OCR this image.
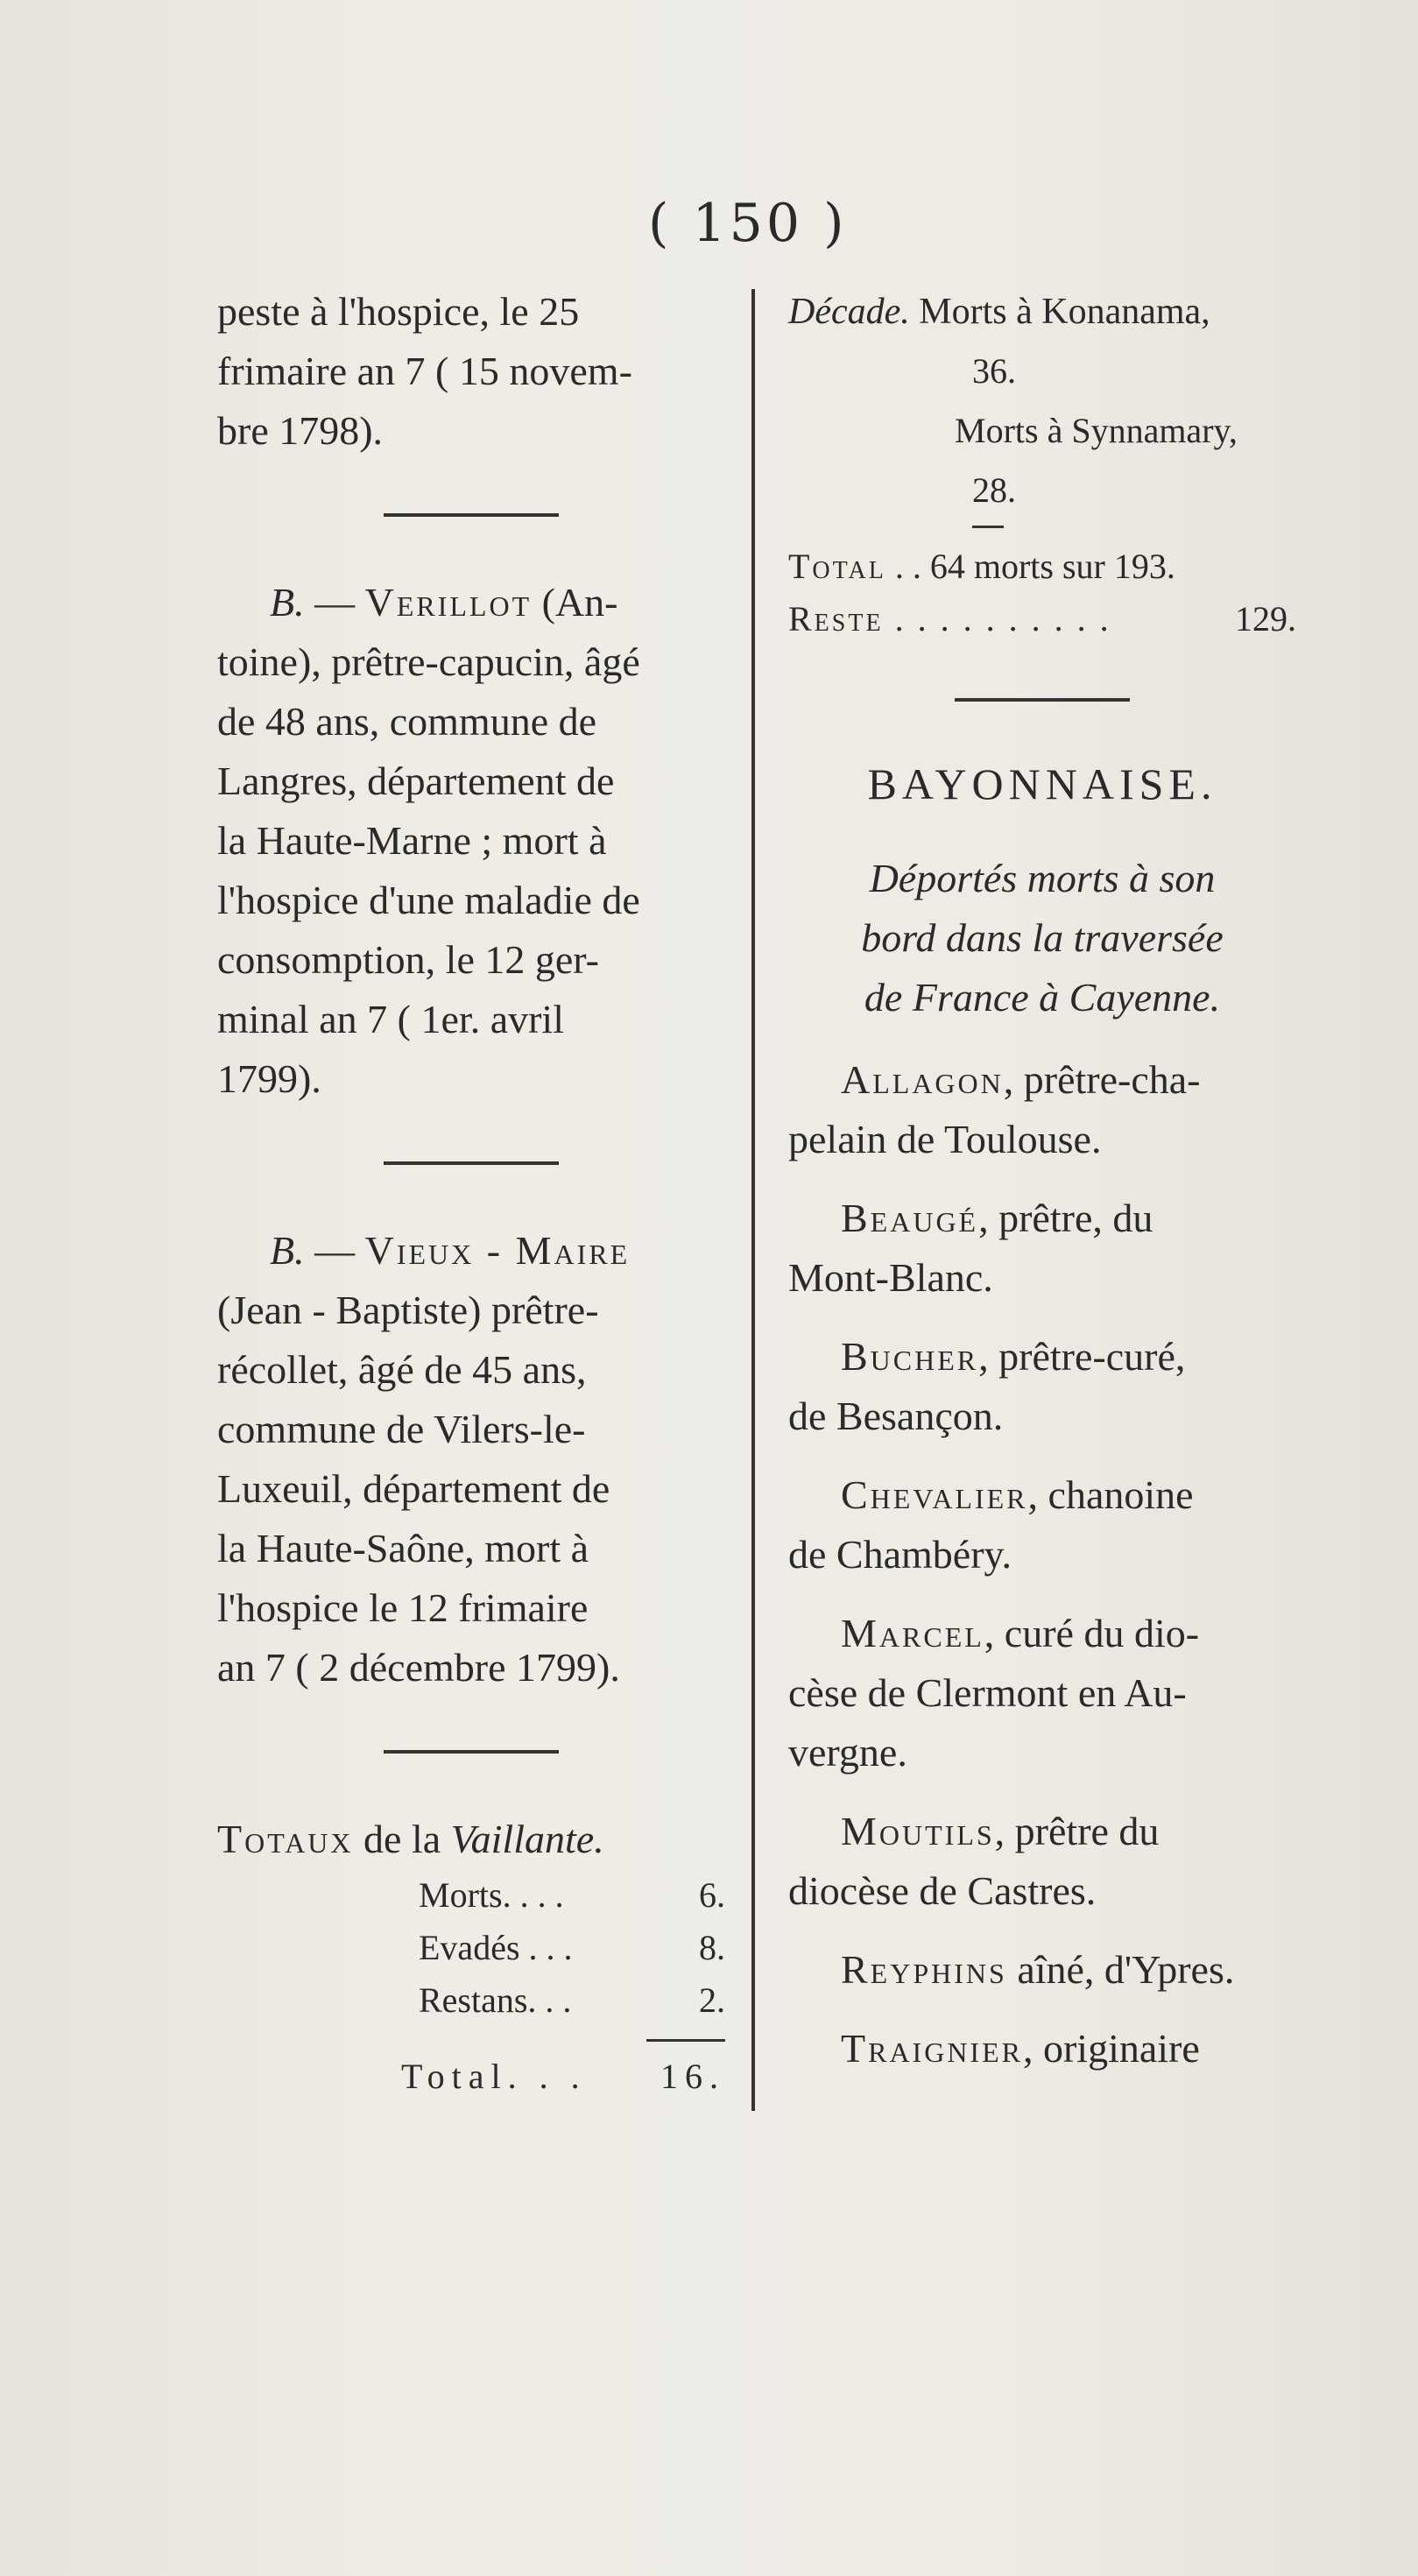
( 150 )

peste à l'hospice, le 25

frimaire an 7 ( 15 novem-

bre 1798).

B. — Verillot (An-

toine), prêtre-capucin, âgé

de 48 ans, commune de

Langres, département de

la Haute-Marne ; mort à

l'hospice d'une maladie de

consomption, le 12 ger-

minal an 7 ( 1er. avril

1799).

B. — Vieux - Maire

(Jean - Baptiste) prêtre-

récollet, âgé de 45 ans,

commune de Vilers-le-

Luxeuil, département de

la Haute-Saône, mort à

l'hospice le 12 frimaire

an 7 ( 2 décembre 1799).

Totaux de la Vaillante.

Morts. . . .	6.
Evadés . . .	8.
Restans. . .	2.
Total. . . 16.

Décade. Morts à Konanama,

36.

Morts à Synnamary,

28.

Total . . 64 morts sur 193.
Reste . . . . . . . . . .	129.

BAYONNAISE.

Déportés morts à son

bord dans la traversée

de France à Cayenne.

Allagon, prêtre-cha-

pelain de Toulouse.

Beaugé, prêtre, du

Mont-Blanc.

Bucher, prêtre-curé,

de Besançon.

Chevalier, chanoine

de Chambéry.

Marcel, curé du dio-

cèse de Clermont en Au-

vergne.

Moutils, prêtre du

diocèse de Castres.

Reyphins aîné, d'Ypres.

Traignier, originaire
